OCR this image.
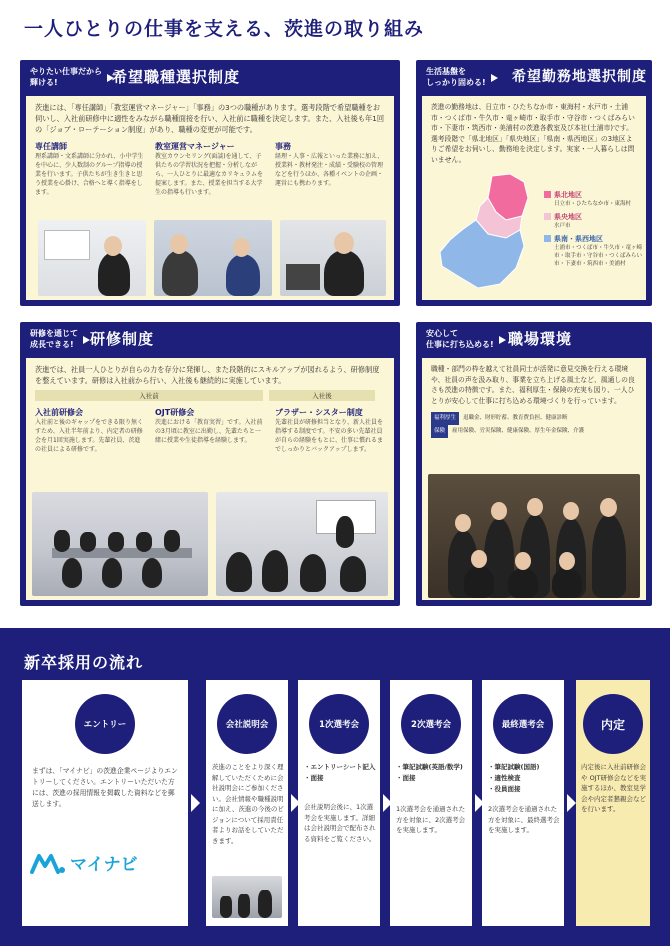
一人ひとりの仕事を支える、茨進の取り組み
やりたい仕事だから
輝ける!	希望職種選択制度
茨進には、「専任講師」「教室運営マネージャー」「事務」の3つの職種があります。選考段階で希望職種をお伺いし、入社前研修中に適性をみながら職種面接を行い、入社前に職種を決定します。また、入社後も年1回の「ジョブ・ローテーション制度」があり、職種の変更が可能です。
専任講師
理系講師・文系講師に分かれ、小中学生を中心に、少人数制のグループ指導の授業を行います。子供たちが生き生きと思う授業を心掛け、合格へと導く指導をします。
教室運営マネージャー
教室カウンセリング(面談)を通して、子供たちの学習状況を把握・分析しながら、一人ひとりに最適なカリキュラムを提案します。また、授業を担当する大学生の指導も行います。
事務
経理・人事・広報といった業務に加え、授業料・教材発注・成績・受験校の管理などを行うほか、各種イベントの企画・運営にも携わります。
生活基盤を
しっかり固める! 希望勤務地選択制度
茨進の勤務地は、日立市・ひたちなか市・東海村・水戸市・土浦市・つくば市・牛久市・竜ヶ崎市・取手市・守谷市・つくばみらい市・下妻市・筑西市・美浦村の茨進各教室及び本社(土浦市)です。選考段階で「県北地区」「県央地区」「県南・県西地区」の3地区よりご希望をお伺いし、勤務地を決定します。実家・一人暮らしは問いません。
県北地区
日立市・ひたちなか市・東海村
県央地区
水戸市
県南・県西地区
土浦市・つくば市・牛久市・竜ヶ崎市・取手市・守谷市・つくばみらい市・下妻市・筑西市・美浦村
研修を通じて
成長できる! 研修制度
茨進では、社員一人ひとりが自らの力を存分に発揮し、また段階的にスキルアップが図れるよう、研修制度を整えています。研修は入社前から行い、入社後も継続的に実施しています。
入社前	入社後
入社前研修会
入社前と後のギャップをできる限り無くすため、入社半年前より、内定者の研修会を月1回実施します。先輩社員、茨進の社員による研修です。
OJT研修会
茨進における「教育実習」です。入社前の3月頃に教室に出勤し、先輩たちと一緒に授業や生徒指導を経験します。
ブラザー・シスター制度
先輩社員が研修担当となり、新人社員を指導する制度です。不安の多い先輩社員が自らの経験をもとに、仕事に慣れるまでしっかりとバックアップします。
安心して
仕事に打ち込める! 職場環境
職種・部門の枠を越えて社員同士が活発に意見交換を行える環境や、社員の声を汲み取り、事業を立ち上げる風土など、風通しの良さも茨進の特徴です。また、福利厚生・保険の充実も図り、一人ひとりが安心して仕事に打ち込める環境づくりを行っています。
福利厚生 退職金、財形貯蓄、教育費負担、健康診断
保険 雇用保険、労災保険、健康保険、厚生年金保険、介護
新卒採用の流れ
エントリー
まずは、「マイナビ」の茨進企業ページよりエントリーしてください。エントリーいただいた方には、茨進の採用情報を掲載した資料などを郵送します。
マイナビ
会社説明会
茨進のことをより深く理解していただくために会社説明会にご参加ください。会社情報や職種説明に加え、茨進の今後のビジョンについて採用責任者よりお話をしていただきます。
1次選考会
・エントリーシート記入
・面接
会社説明会後に、1次選考会を実施します。詳細は会社説明会で配布される資料をご覧ください。
2次選考会
・筆記試験(英語/数学)
・面接
1次選考会を通過された方を対象に、2次選考会を実施します。
最終選考会
・筆記試験(国語)
・適性検査
・役員面接
2次選考会を通過された方を対象に、最終選考会を実施します。
内定
内定後に入社前研修会や OJT研修会などを実施するほか、教室見学会や内定者懇親会などを行います。
